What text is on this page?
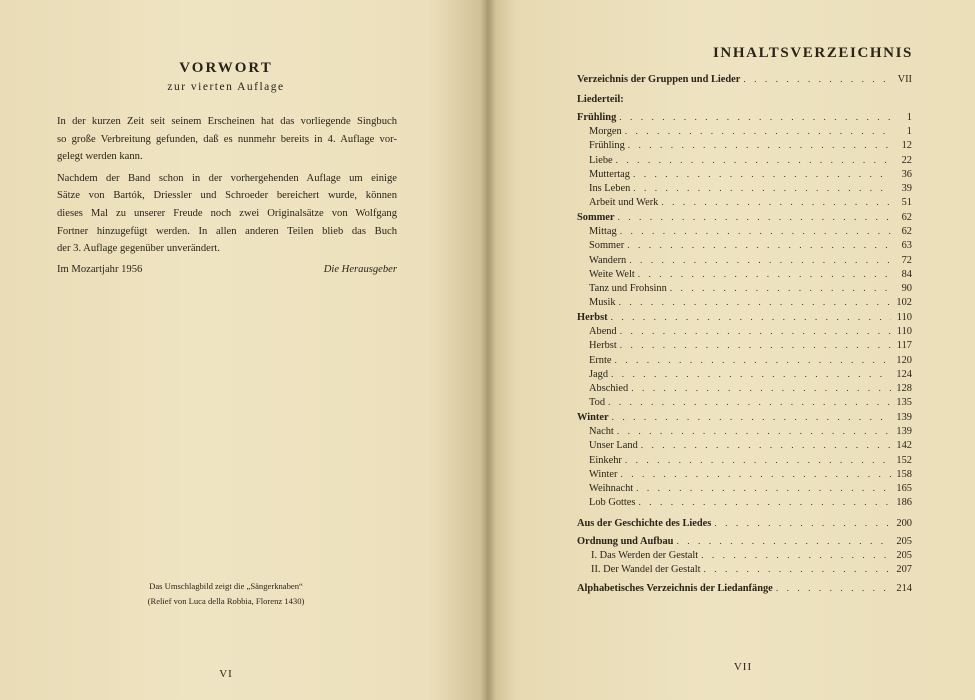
VORWORT
zur vierten Auflage

In der kurzen Zeit seit seinem Erscheinen hat das vorliegende Singbuch
so große Verbreitung gefunden, daß es nunmehr bereits in 4. Auflage vor-
gelegt werden kann.

Nachdem der Band schon in der vorhergehenden Auflage um einige
Sätze von Bartók, Driessler und Schroeder bereichert wurde, können
dieses Mal zu unserer Freude noch zwei Originalsätze von Wolfgang
Fortner hinzugefügt werden. In allen anderen Teilen blieb das Buch
der 3. Auflage gegenüber unverändert.

Im Mozartjahr 1956	Die Herausgeber
Das Umschlagbild zeigt die „Sängerknaben“
(Relief von Luca della Robbia, Florenz 1430)
VI
INHALTSVERZEICHNIS
Verzeichnis der Gruppen und Lieder . . .	VII
Liederteil:
Frühling . . .	1
Morgen . . .	1
Frühling . . .	12
Liebe . . .	22
Muttertag . . .	36
Ins Leben . . .	39
Arbeit und Werk . . .	51
Sommer . . .	62
Mittag . . .	62
Sommer . . .	63
Wandern . . .	72
Weite Welt . . .	84
Tanz und Frohsinn . . .	90
Musik . . .	102
Herbst . . .	110
Abend . . .	110
Herbst . . .	117
Ernte . . .	120
Jagd . . .	124
Abschied . . .	128
Tod . . .	135
Winter . . .	139
Nacht . . .	139
Unser Land . . .	142
Einkehr . . .	152
Winter . . .	158
Weihnacht . . .	165
Lob Gottes . . .	186
Aus der Geschichte des Liedes . . .	200
Ordnung und Aufbau . . .	205
I. Das Werden der Gestalt . . .	205
II. Der Wandel der Gestalt . . .	207
Alphabetisches Verzeichnis der Liedanfänge . . .	214
VII
